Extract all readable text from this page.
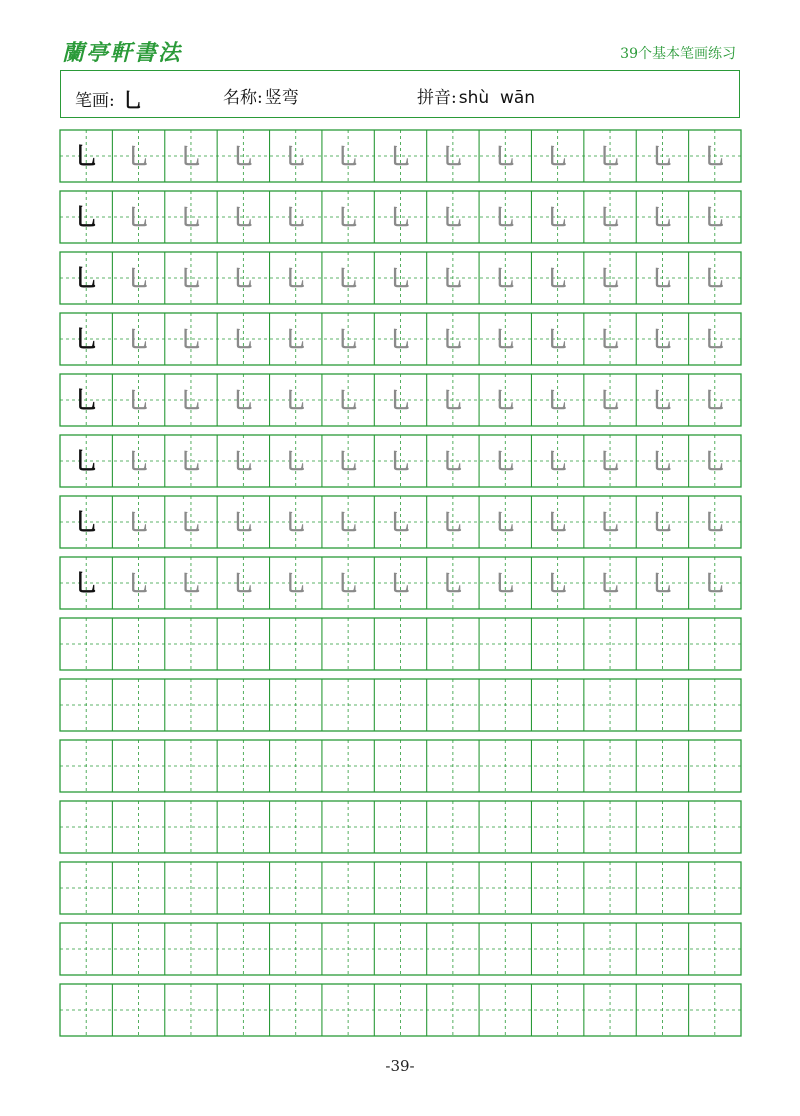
蘭亭軒書法	39个基本笔画练习
笔画: 乚	名称: 竖弯	拼音: shù  wān
乚 乚 乚 乚 乚 乚 乚 乚 乚 乚 乚 乚 乚
乚 乚 乚 乚 乚 乚 乚 乚 乚 乚 乚 乚 乚
乚 乚 乚 乚 乚 乚 乚 乚 乚 乚 乚 乚 乚
乚 乚 乚 乚 乚 乚 乚 乚 乚 乚 乚 乚 乚
乚 乚 乚 乚 乚 乚 乚 乚 乚 乚 乚 乚 乚
乚 乚 乚 乚 乚 乚 乚 乚 乚 乚 乚 乚 乚
乚 乚 乚 乚 乚 乚 乚 乚 乚 乚 乚 乚 乚
乚 乚 乚 乚 乚 乚 乚 乚 乚 乚 乚 乚 乚
-39-
